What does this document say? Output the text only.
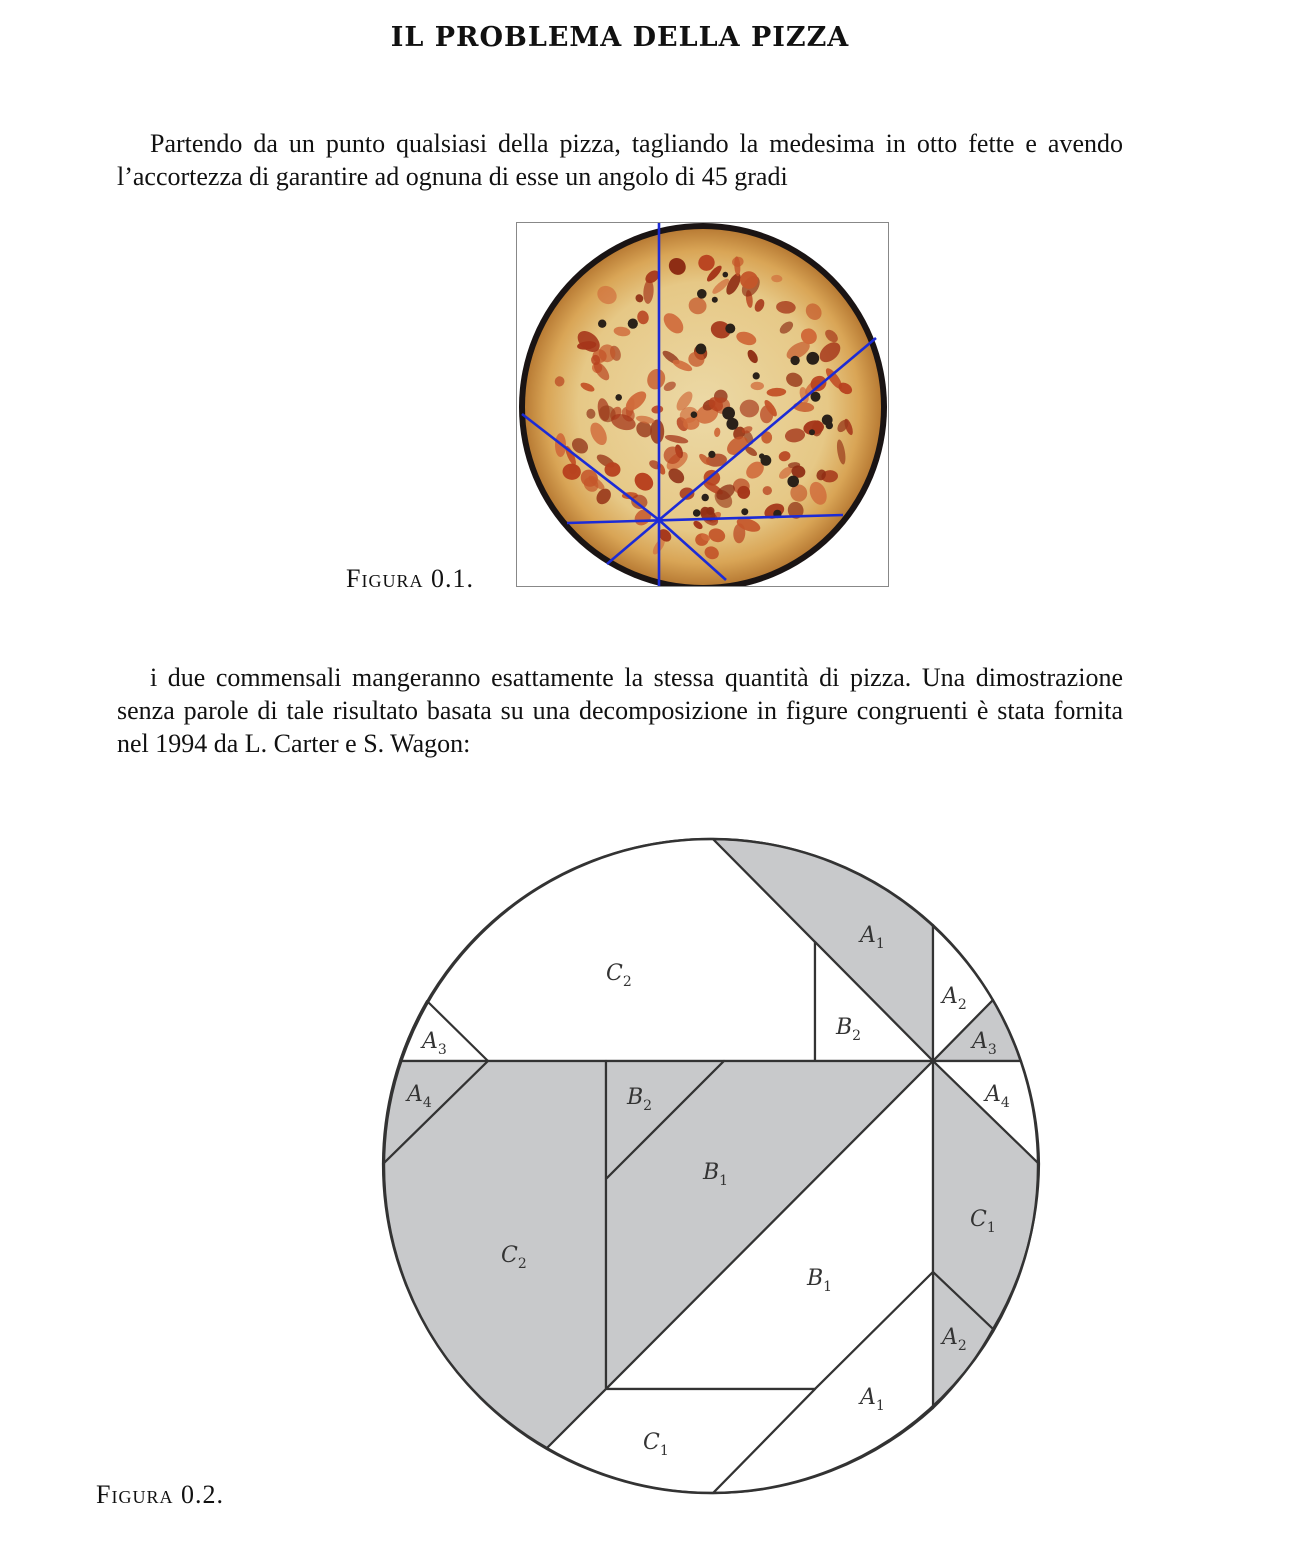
IL PROBLEMA DELLA PIZZA

Partendo da un punto qualsiasi della pizza, tagliando la medesima in otto fette e avendo l’accortezza di garantire ad ognuna di esse un angolo di 45 gradi

Figura 0.1.

i due commensali mangeranno esattamente la stessa quantità di pizza. Una dimostrazione senza parole di tale risultato basata su una decomposizione in figure congruenti è stata fornita nel 1994 da L. Carter e S. Wagon:

$A_1$
$A_2$
$A_3$
$A_4$
$B_2$
$C_2$
$A_3$
$A_4$
$C_2$
$B_2$
$B_1$
$B_1$
$C_1$
$A_2$
$A_1$
$C_1$
Figura 0.2.
